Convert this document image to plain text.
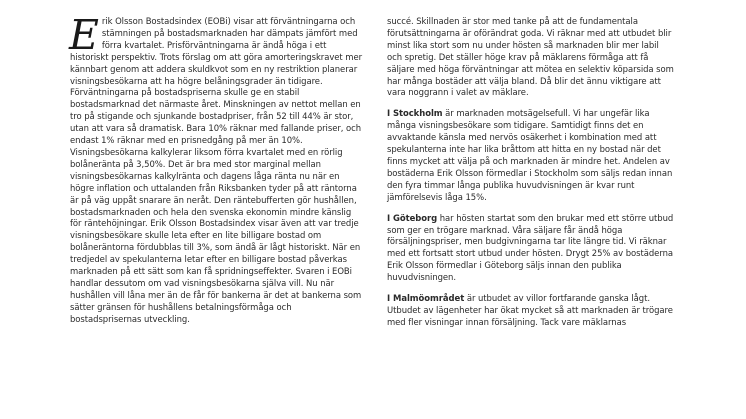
Erik Olsson Bostadsindex (EOBi) visar att förväntningarna och stämningen på bostadsmarknaden har dämpats jämfört med förra kvartalet. Prisförväntningarna är ändå höga i ett historiskt perspektiv. Trots förslag om att göra amorteringskravet mer kännbart genom att addera skuldkvot som en ny restriktion planerar visningsbesökarna att ha högre belåningsgrader än tidigare. Förväntningarna på bostadspriserna skulle ge en stabil bostadsmarknad det närmaste året. Minskningen av nettot mellan en tro på stigande och sjunkande bostadpriser, från 52 till 44% är stor, utan att vara så dramatisk. Bara 10% räknar med fallande priser, och endast 1% räknar med en prisnedgång på mer än 10%. Visningsbesökarna kalkylerar liksom förra kvartalet med en rörlig bolåneränta på 3,50%. Det är bra med stor marginal mellan visningsbesökarnas kalkylränta och dagens låga ränta nu när en högre inflation och uttalanden från Riksbanken tyder på att räntorna är på väg uppåt snarare än neråt. Den räntebufferten gör hushållen, bostadsmarknaden och hela den svenska ekonomin mindre känslig för räntehöjningar. Erik Olsson Bostadsindex visar även att var tredje visningsbesökare skulle leta efter en lite billigare bostad om bolåneräntorna fördubblas till 3%, som ändå är lågt historiskt. När en tredjedel av spekulanterna letar efter en billigare bostad påverkas marknaden på ett sätt som kan få spridningseffekter. Svaren i EOBi handlar dessutom om vad visningsbesökarna själva vill. Nu när hushållen vill låna mer än de får för bankerna är det at bankerna som sätter gränsen för hushållens betalningsförmåga och bostadsprisernas utveckling.

succé. Skillnaden är stor med tanke på att de fundamentala förutsättningarna är oförändrat goda. Vi räknar med att utbudet blir minst lika stort som nu under hösten så marknaden blir mer labil och spretig. Det ställer höge krav på mäklarens förmåga att få säljare med höga förväntningar att mötea en selektiv köparsida som har många bostäder att välja bland. Då blir det ännu viktigare att vara noggrann i valet av mäklare.

I Stockholm är marknaden motsägelsefull. Vi har ungefär lika många visningsbesökare som tidigare. Samtidigt finns det en avvaktande känsla med nervös osäkerhet i kombination med att spekulanterna inte har lika bråttom att hitta en ny bostad när det finns mycket att välja på och marknaden är mindre het. Andelen av bostäderna Erik Olsson förmedlar i Stockholm som säljs redan innan den fyra timmar långa publika huvudvisningen är kvar runt jämförelsevis låga 15%.

I Göteborg har hösten startat som den brukar med ett större utbud som ger en trögare marknad. Våra säljare får ändå höga försäljningspriser, men budgivningarna tar lite längre tid. Vi räknar med ett fortsatt stort utbud under hösten. Drygt 25% av bostäderna Erik Olsson förmedlar i Göteborg säljs innan den publika huvudvisningen.

I Malmöområdet är utbudet av villor fortfarande ganska lågt. Utbudet av lägenheter har ökat mycket så att marknaden är trögare med fler visningar innan försäljning. Tack vare mäklarnas
